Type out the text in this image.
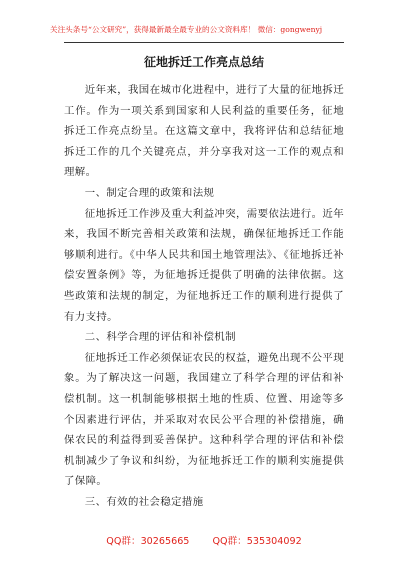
关注头条号“公文研究”，获得最新最全最专业的公文资料库！ 微信：gongwenyj
征地拆迁工作亮点总结

近年来，我国在城市化进程中，进行了大量的征地拆迁工作。作为一项关系到国家和人民利益的重要任务，征地拆迁工作亮点纷呈。在这篇文章中，我将评估和总结征地拆迁工作的几个关键亮点，并分享我对这一工作的观点和理解。

一、制定合理的政策和法规

征地拆迁工作涉及重大利益冲突，需要依法进行。近年来，我国不断完善相关政策和法规，确保征地拆迁工作能够顺利进行。《中华人民共和国土地管理法》、《征地拆迁补偿安置条例》等，为征地拆迁提供了明确的法律依据。这些政策和法规的制定，为征地拆迁工作的顺利进行提供了有力支持。

二、科学合理的评估和补偿机制

征地拆迁工作必须保证农民的权益，避免出现不公平现象。为了解决这一问题，我国建立了科学合理的评估和补偿机制。这一机制能够根据土地的性质、位置、用途等多个因素进行评估，并采取对农民公平合理的补偿措施，确保农民的利益得到妥善保护。这种科学合理的评估和补偿机制减少了争议和纠纷，为征地拆迁工作的顺利实施提供了保障。

三、有效的社会稳定措施

QQ群：30265665 QQ群：535304092
